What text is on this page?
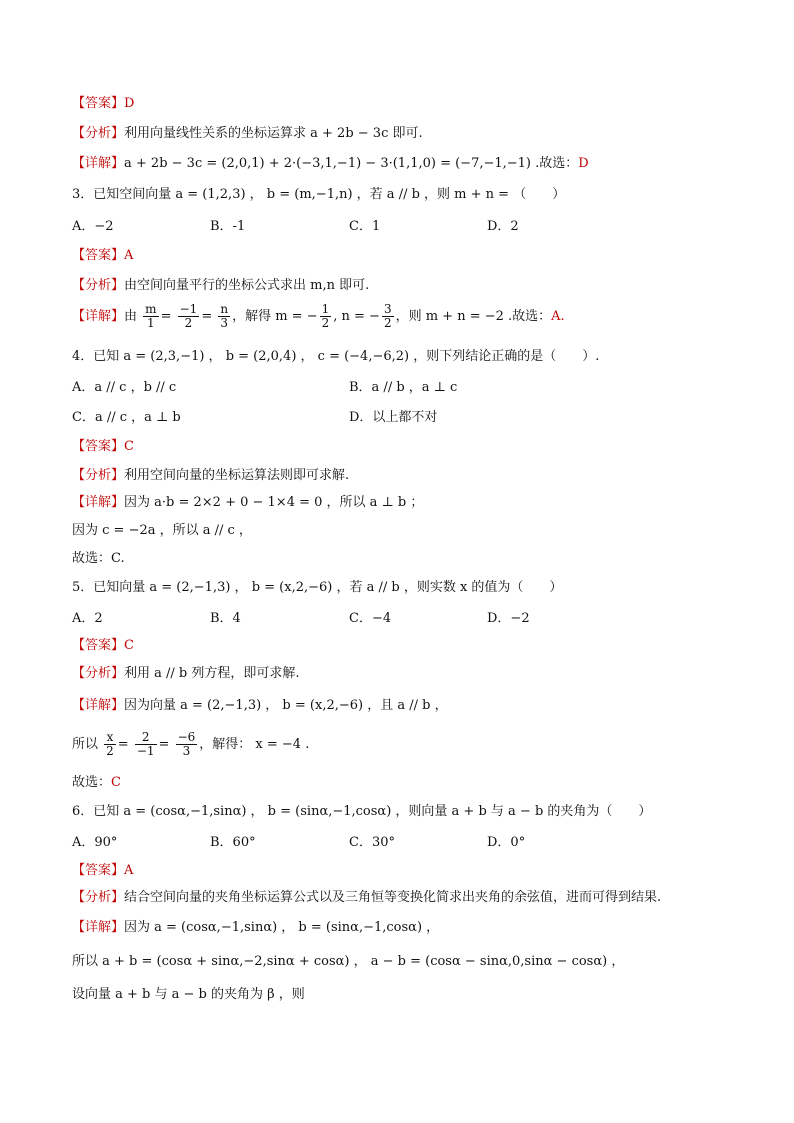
【答案】D
【分析】利用向量线性关系的坐标运算求 a + 2b − 3c 即可.
【详解】a + 2b − 3c = (2,0,1) + 2·(−3,1,−1) − 3·(1,1,0) = (−7,−1,−1) .故选：D
3．已知空间向量 a = (1,2,3) ， b = (m,−1,n) ，若 a // b ，则 m + n = （　　）
A．−2	B．-1	C．1	D．2
【答案】A
【分析】由空间向量平行的坐标公式求出 m,n 即可.
【详解】由 $\frac{m}{1} = \frac{-1}{2} = \frac{n}{3}$ ，解得 m = − $\frac{1}{2}$ , n = − $\frac{3}{2}$ ，则 m + n = −2 .故选：A.
4．已知 a = (2,3,−1) ， b = (2,0,4) ， c = (−4,−6,2) ，则下列结论正确的是（　　）.
A．a // c ，b // c	B．a // b ，a ⊥ c
C．a // c ，a ⊥ b	D．以上都不对
【答案】C
【分析】利用空间向量的坐标运算法则即可求解.
【详解】因为 a·b = 2×2 + 0 − 1×4 = 0 ，所以 a ⊥ b ；
因为 c = −2a ，所以 a // c ，
故选：C.
5．已知向量 a = (2,−1,3) ， b = (x,2,−6) ，若 a // b ，则实数 x 的值为（　　）
A．2	B．4	C．−4	D．−2
【答案】C
【分析】利用 a // b 列方程，即可求解.
【详解】因为向量 a = (2,−1,3) ， b = (x,2,−6) ，且 a // b ，
所以 $\frac{x}{2} = \frac{2}{-1} = \frac{-6}{3}$ ，解得： x = −4 .
故选：C
6．已知 a = (cosα,−1,sinα) ， b = (sinα,−1,cosα) ，则向量 a + b 与 a − b 的夹角为（　　）
A．90°	B．60°	C．30°	D．0°
【答案】A
【分析】结合空间向量的夹角坐标运算公式以及三角恒等变换化简求出夹角的余弦值，进而可得到结果.
【详解】因为 a = (cosα,−1,sinα) ， b = (sinα,−1,cosα) ，
所以 a + b = (cosα + sinα,−2,sinα + cosα) ， a − b = (cosα − sinα,0,sinα − cosα) ，
设向量 a + b 与 a − b 的夹角为 β ，则
